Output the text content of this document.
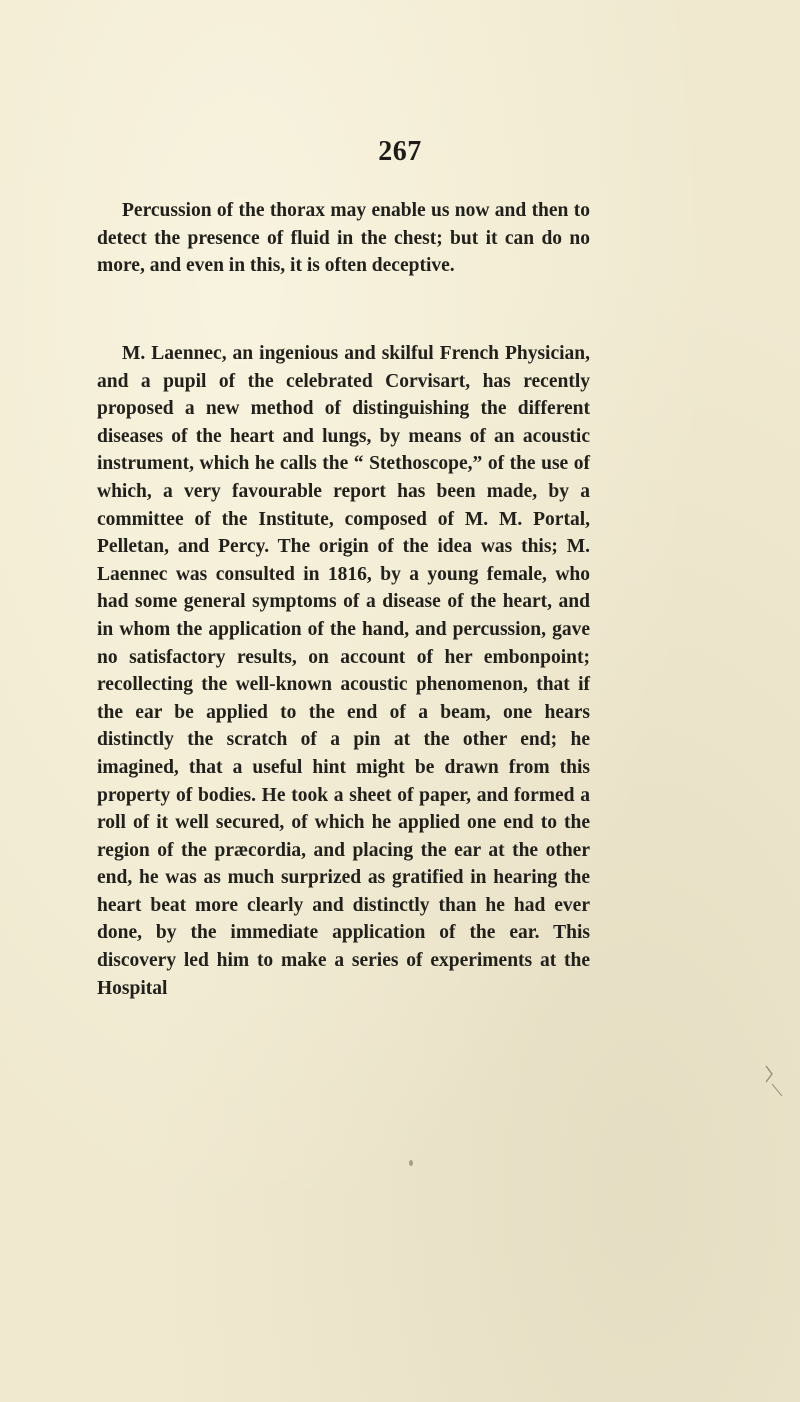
267

Percussion of the thorax may enable us now and then to detect the presence of fluid in the chest; but it can do no more, and even in this, it is often deceptive.

M. Laennec, an ingenious and skilful French Physician, and a pupil of the celebrated Corvisart, has recently proposed a new method of distinguishing the different diseases of the heart and lungs, by means of an acoustic instrument, which he calls the “ Stethoscope,” of the use of which, a very favourable report has been made, by a committee of the Institute, composed of M. M. Portal, Pelletan, and Percy. The origin of the idea was this; M. Laennec was consulted in 1816, by a young female, who had some general symptoms of a disease of the heart, and in whom the application of the hand, and percussion, gave no satisfactory results, on account of her embonpoint; recollecting the well-known acoustic phenomenon, that if the ear be applied to the end of a beam, one hears distinctly the scratch of a pin at the other end; he imagined, that a useful hint might be drawn from this property of bodies. He took a sheet of paper, and formed a roll of it well secured, of which he applied one end to the region of the præcordia, and placing the ear at the other end, he was as much surprized as gratified in hearing the heart beat more clearly and distinctly than he had ever done, by the immediate application of the ear. This discovery led him to make a series of experiments at the Hospital
